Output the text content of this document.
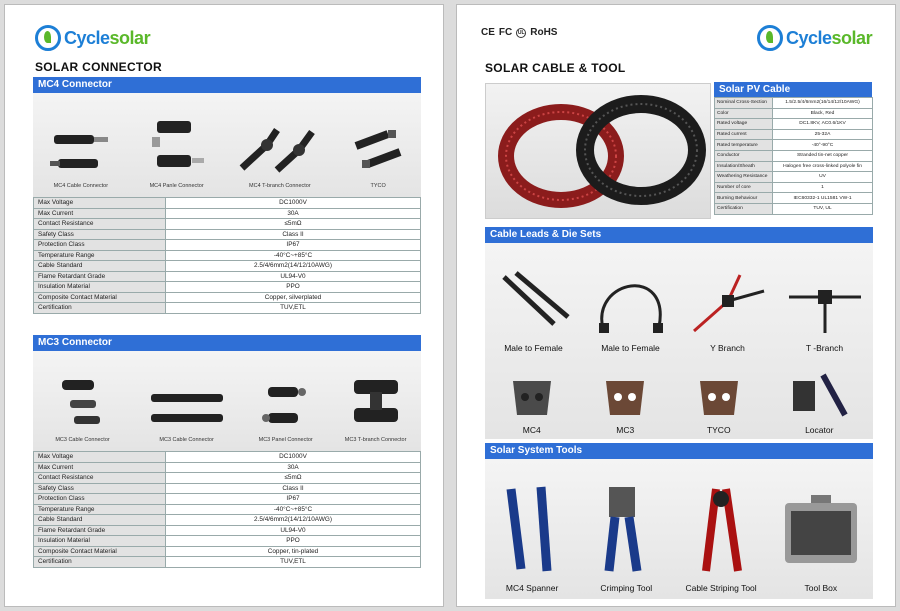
Cyclesolar
SOLAR CONNECTOR
MC4 Connector
MC4 Cable Connector	MC4 Panle Connector	MC4 T-branch Connector	TYCO
Max Voltage	DC1000V
Max Current	30A
Contact Resistance	≤5mΩ
Safety Class	Class II
Protection Class	IP67
Temperature Range	-40°C~+85°C
Cable Standard	2.5/4/6mm2(14/12/10AWG)
Flame Retardant Grade	UL94-V0
Insulation Material	PPO
Composite Contact Material	Copper, silverplated
Certification	TUV,ETL
MC3 Connector
MC3 Cable Connector	MC3 Cable Connector	MC3 Panel Connector	MC3 T-branch Connector
Max Voltage	DC1000V
Max Current	30A
Contact Resistance	≤5mΩ
Safety Class	Class II
Protection Class	IP67
Temperature Range	-40°C~+85°C
Cable Standard	2.5/4/6mm2(14/12/10AWG)
Flame Retardant Grade	UL94-V0
Insulation Material	PPO
Composite Contact Material	Copper, tin-plated
Certification	TUV,ETL
CE FC	UL RoHS	Cyclesolar
SOLAR CABLE & TOOL
Solar PV Cable
Nominal Cross-Section	1.5/2.5/4/6mm2(16/14/12/10AWG)
Color	Black, Red
Rated voltage	DC1.8KV, AC0.6/1KV
Rated current	25-32A
Rated temperature	-40°-90°C
Conductor	Stranded tin-net copper
Insulation/Sheath	Halogen free cross-linked polyole fin
Weathering Resistance	UV
Number of core	1
Burning Behaviour	IEC60332-1 UL1581 VW-1
Certification	TUV, UL
Cable Leads & Die Sets
Male to Female	Male to Female	Y Branch	T -Branch
MC4	MC3	TYCO	Locator
Solar System Tools
MC4 Spanner	Crimping Tool	Cable Striping Tool	Tool Box
